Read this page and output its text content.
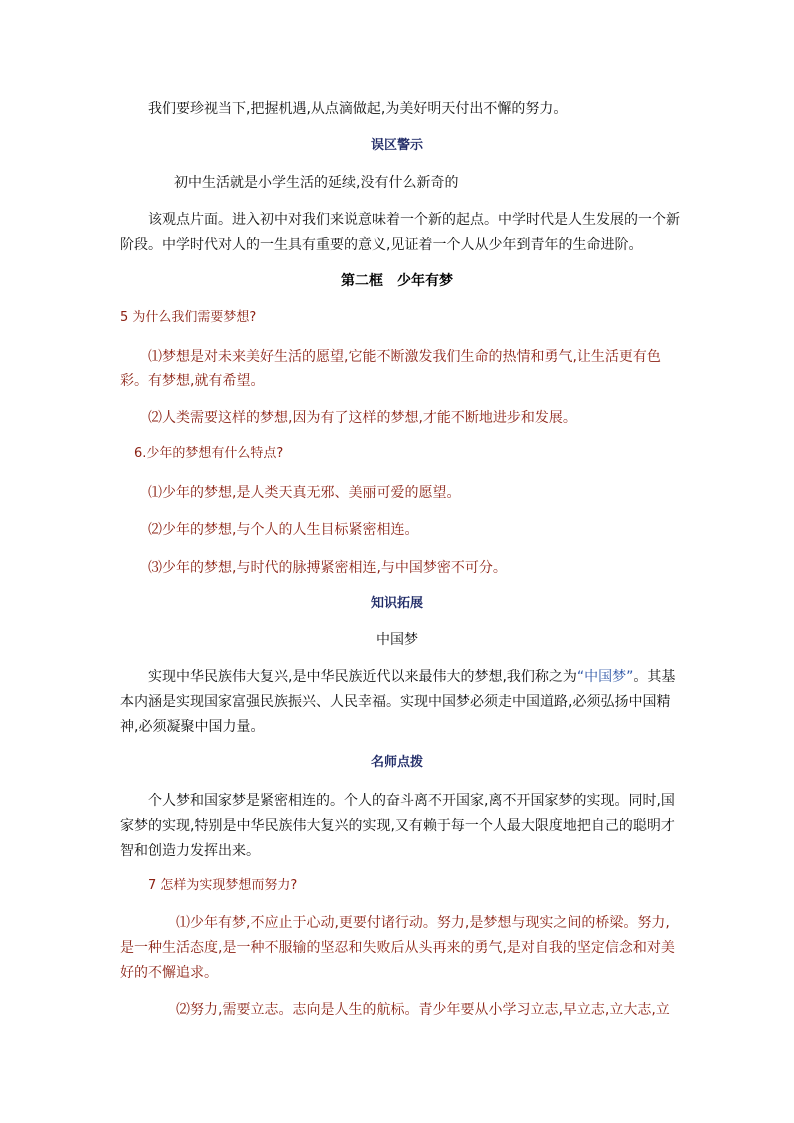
我们要珍视当下,把握机遇,从点滴做起,为美好明天付出不懈的努力。
误区警示
初中生活就是小学生活的延续,没有什么新奇的
该观点片面。进入初中对我们来说意味着一个新的起点。中学时代是人生发展的一个新
阶段。中学时代对人的一生具有重要的意义,见证着一个人从少年到青年的生命进阶。
第二框　少年有梦
5 为什么我们需要梦想?
⑴梦想是对未来美好生活的愿望,它能不断激发我们生命的热情和勇气,让生活更有色
彩。有梦想,就有希望。
⑵人类需要这样的梦想,因为有了这样的梦想,才能不断地进步和发展。
6.少年的梦想有什么特点?
⑴少年的梦想,是人类天真无邪、美丽可爱的愿望。
⑵少年的梦想,与个人的人生目标紧密相连。
⑶少年的梦想,与时代的脉搏紧密相连,与中国梦密不可分。
知识拓展
中国梦
实现中华民族伟大复兴,是中华民族近代以来最伟大的梦想,我们称之为“中国梦”。其基
本内涵是实现国家富强民族振兴、人民幸福。实现中国梦必须走中国道路,必须弘扬中国精
神,必须凝聚中国力量。
名师点拨
个人梦和国家梦是紧密相连的。个人的奋斗离不开国家,离不开国家梦的实现。同时,国
家梦的实现,特别是中华民族伟大复兴的实现,又有赖于每一个人最大限度地把自己的聪明才
智和创造力发挥出来。
7 怎样为实现梦想而努力?
⑴少年有梦,不应止于心动,更要付诸行动。努力,是梦想与现实之间的桥梁。努力,
是一种生活态度,是一种不服输的坚忍和失败后从头再来的勇气,是对自我的坚定信念和对美
好的不懈追求。
⑵努力,需要立志。志向是人生的航标。青少年要从小学习立志,早立志,立大志,立
